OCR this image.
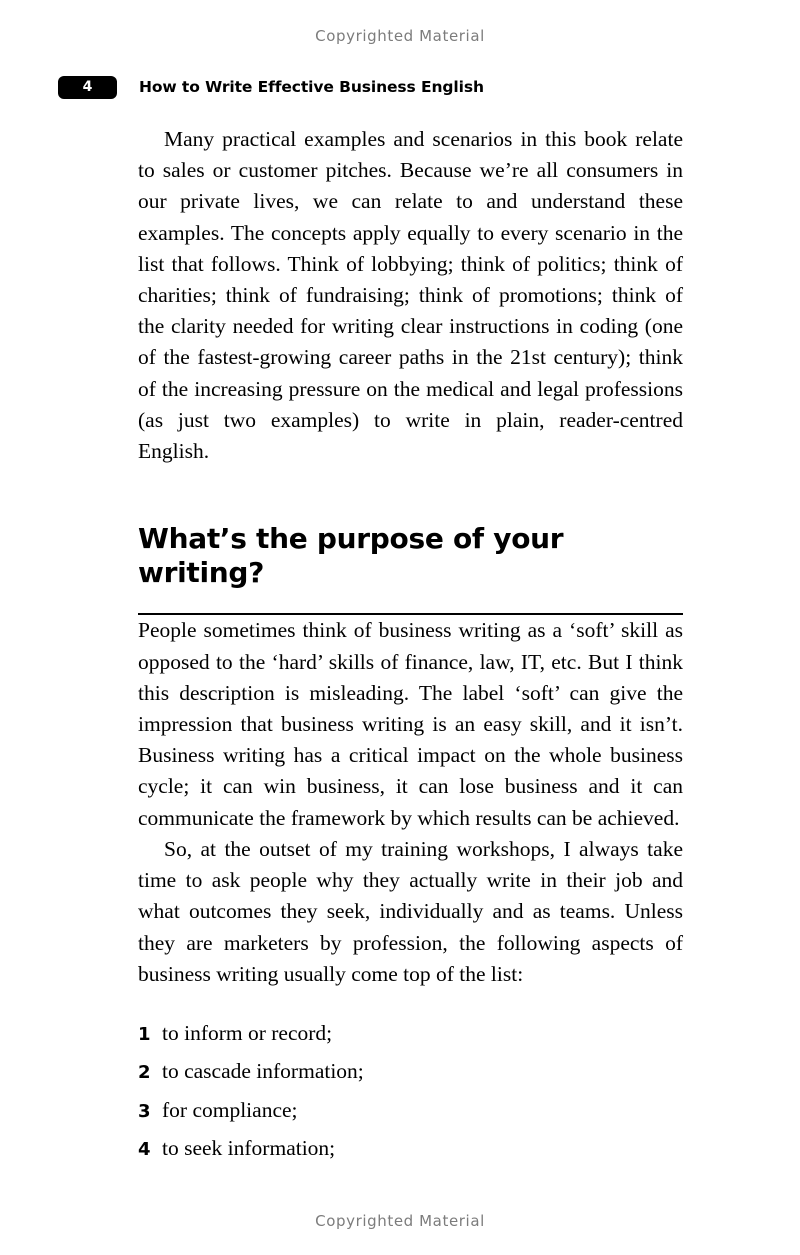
Copyrighted Material
4	How to Write Effective Business English

Many practical examples and scenarios in this book relate to sales or customer pitches. Because we’re all consumers in our private lives, we can relate to and understand these examples. The concepts apply equally to every scenario in the list that follows. Think of lobbying; think of politics; think of charities; think of fundraising; think of promotions; think of the clarity needed for writing clear instructions in coding (one of the fastest-growing career paths in the 21st century); think of the increasing pressure on the medical and legal professions (as just two examples) to write in plain, reader-centred English.

What’s the purpose of your writing?

People sometimes think of business writing as a ‘soft’ skill as opposed to the ‘hard’ skills of finance, law, IT, etc. But I think this description is misleading. The label ‘soft’ can give the impression that business writing is an easy skill, and it isn’t. Business writing has a critical impact on the whole business cycle; it can win business, it can lose business and it can communicate the framework by which results can be achieved.

So, at the outset of my training workshops, I always take time to ask people why they actually write in their job and what outcomes they seek, individually and as teams. Unless they are marketers by profession, the following aspects of business writing usually come top of the list:

1 to inform or record;
2 to cascade information;
3 for compliance;
4 to seek information;
Copyrighted Material
